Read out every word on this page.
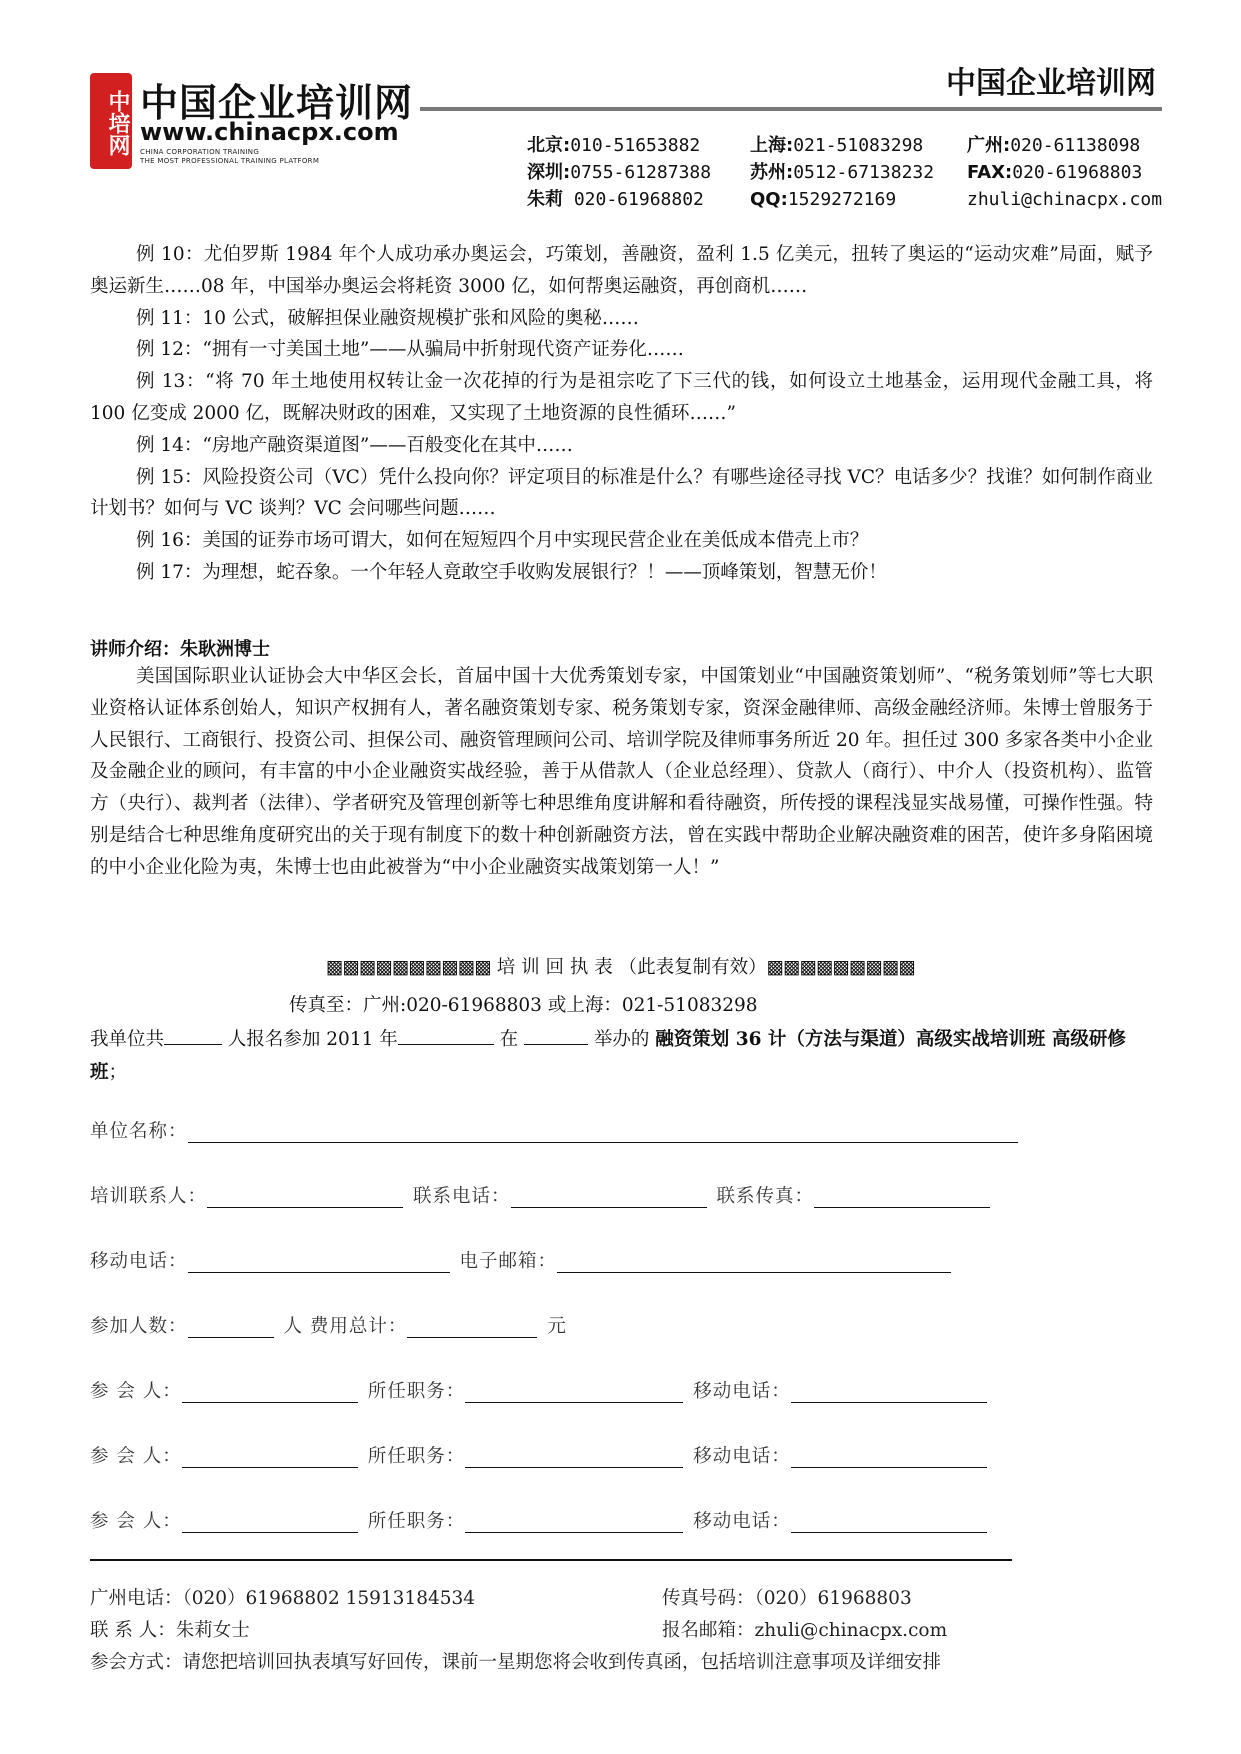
中培网 中国企业培训网
www.chinacpx.com
CHINA CORPORATION TRAINING
THE MOST PROFESSIONAL TRAINING PLATFORM
中国企业培训网
北京:010-51653882	上海:021-51083298	广州:020-61138098
深圳:0755-61287388	苏州:0512-67138232	FAX:020-61968803
朱莉 020-61968802	QQ:1529272169	zhuli@chinacpx.com

例 10：尤伯罗斯 1984 年个人成功承办奥运会，巧策划，善融资，盈利 1.5 亿美元，扭转了奥运的“运动灾难”局面，赋予奥运新生……08 年，中国举办奥运会将耗资 3000 亿，如何帮奥运融资，再创商机……

例 11：10 公式，破解担保业融资规模扩张和风险的奥秘……

例 12：“拥有一寸美国土地”——从骗局中折射现代资产证券化……

例 13：“将 70 年土地使用权转让金一次花掉的行为是祖宗吃了下三代的钱，如何设立土地基金，运用现代金融工具，将 100 亿变成 2000 亿，既解决财政的困难，又实现了土地资源的良性循环……”

例 14：“房地产融资渠道图”——百般变化在其中……

例 15：风险投资公司（VC）凭什么投向你？评定项目的标准是什么？有哪些途径寻找 VC？电话多少？找谁？如何制作商业计划书？如何与 VC 谈判？VC 会问哪些问题……

例 16：美国的证券市场可谓大，如何在短短四个月中实现民营企业在美低成本借壳上市？

例 17：为理想，蛇吞象。一个年轻人竟敢空手收购发展银行？！——顶峰策划，智慧无价！

讲师介绍：朱耿洲博士

美国国际职业认证协会大中华区会长，首届中国十大优秀策划专家，中国策划业“中国融资策划师”、“税务策划师”等七大职业资格认证体系创始人，知识产权拥有人，著名融资策划专家、税务策划专家，资深金融律师、高级金融经济师。朱博士曾服务于人民银行、工商银行、投资公司、担保公司、融资管理顾问公司、培训学院及律师事务所近 20 年。担任过 300 多家各类中小企业及金融企业的顾问，有丰富的中小企业融资实战经验，善于从借款人（企业总经理）、贷款人（商行）、中介人（投资机构）、监管方（央行）、裁判者（法律）、学者研究及管理创新等七种思维角度讲解和看待融资，所传授的课程浅显实战易懂，可操作性强。特别是结合七种思维角度研究出的关于现有制度下的数十种创新融资方法，曾在实践中帮助企业解决融资难的困苦，使许多身陷困境的中小企业化险为夷，朱博士也由此被誉为“中小企业融资实战策划第一人！”

▩▩▩▩▩▩▩▩▩▩ 培 训 回 执 表 （此表复制有效）▩▩▩▩▩▩▩▩▩
传真至：广州:020-61968803 或上海：021-51083298
我单位共	人报名参加 2011 年	在	举办的 融资策划 36 计（方法与渠道）高级实战培训班 高级研修班；
单位名称：
培训联系人：	联系电话：	联系传真：
移动电话：	电子邮箱：
参加人数：	人 费用总计：	元
参 会 人：	所任职务：	移动电话：
参 会 人：	所任职务：	移动电话：
参 会 人：	所任职务：	移动电话：
广州电话：（020）61968802 15913184534	传真号码：（020）61968803
联 系 人：朱莉女士	报名邮箱：zhuli@chinacpx.com
参会方式：请您把培训回执表填写好回传，课前一星期您将会收到传真函，包括培训注意事项及详细安排
